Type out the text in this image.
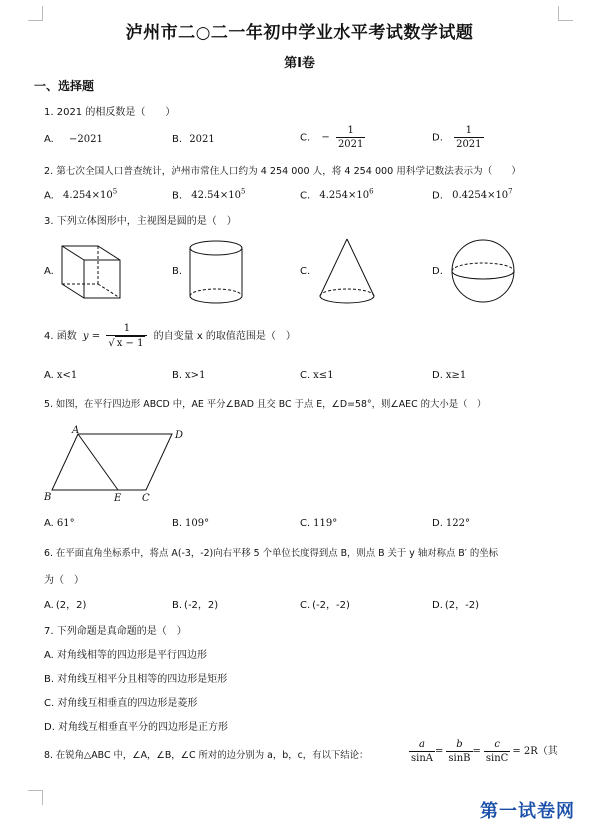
泸州市二○二一年初中学业水平考试数学试题
第Ⅰ卷
一、选择题
1. 2021 的相反数是（　　）
A. −2021	B. 2021	C. − $\frac{1}{2021}$	D. $\frac{1}{2021}$
2. 第七次全国人口普查统计，泸州市常住人口约为 4 254 000 人，将 4 254 000 用科学记数法表示为（　　）
A. $4.254\times 10^5$	B. $42.54\times 10^5$	C. $4.254\times 10^6$	D. $0.4254\times 10^7$
3. 下列立体图形中，主视图是圆的是（　）
A.	B.	C.	D.
4. 函数 $y = \frac{1}{√ x - 1}$ 的自变量 x 的取值范围是（　）
A. x<1	B. x>1	C. x≤1	D. x≥1
5. 如图，在平行四边形 ABCD 中，AE 平分∠BAD 且交 BC 于点 E，∠D=58°，则∠AEC 的大小是（　）
A	D
B	E C
A. 61°	B. 109°	C. 119°	D. 122°
6. 在平面直角坐标系中，将点 A(-3，-2)向右平移 5 个单位长度得到点 B，则点 B 关于 y 轴对称点 B′ 的坐标
为（　）
A. (2，2)	B. (-2，2)	C. (-2，-2)	D. (2，-2)
7. 下列命题是真命题的是（　）
A. 对角线相等的四边形是平行四边形
B. 对角线互相平分且相等的四边形是矩形
C. 对角线互相垂直的四边形是菱形
D. 对角线互相垂直平分的四边形是正方形
8. 在锐角△ABC 中，∠A，∠B，∠C 所对的边分别为 a，b，c，有以下结论：	$\frac{a}{\sin A} = \frac{b}{\sin B} = \frac{c}{\sin C} = 2R$（其
第一试卷网
